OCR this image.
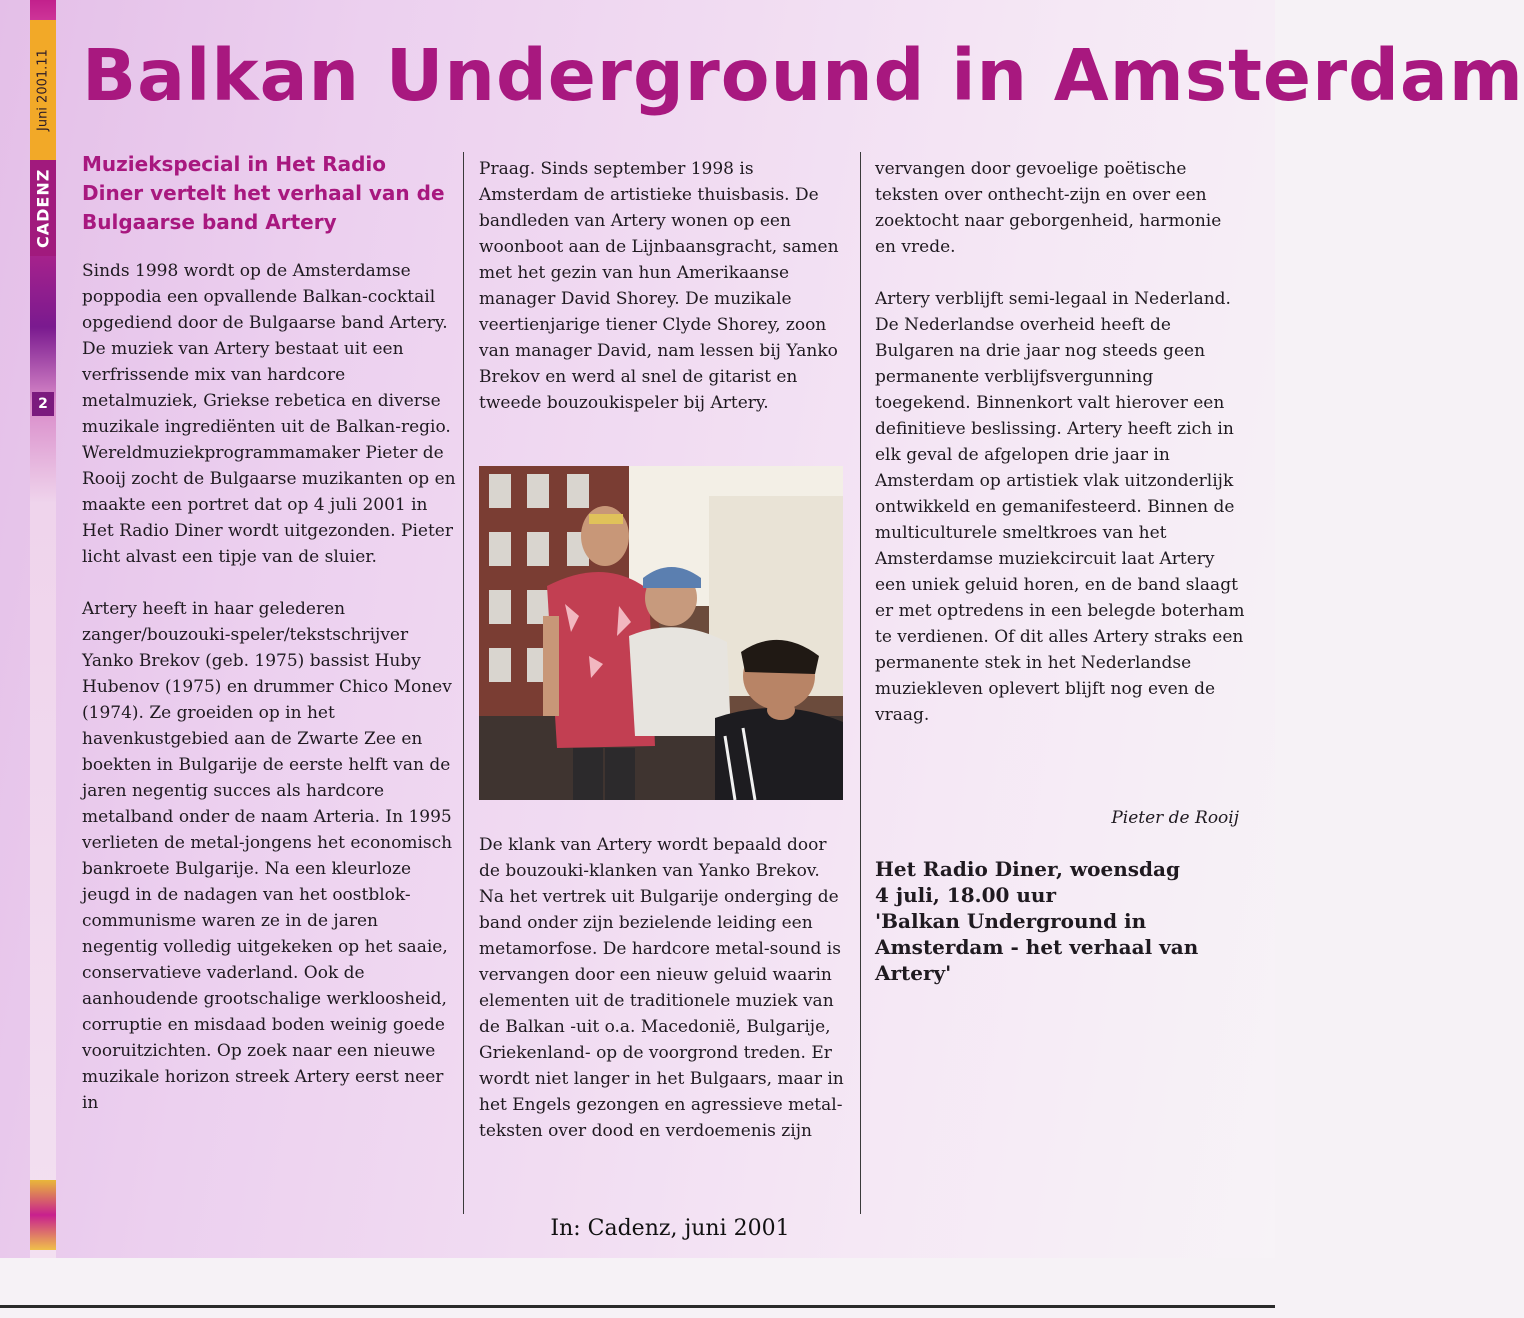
Juni 2001.11
CADENZ
2
Balkan Underground in Amsterdam
Muziekspecial in Het Radio Diner vertelt het verhaal van de Bulgaarse band Artery

Sinds 1998 wordt op de Amsterdamse poppodia een opvallende Balkan-cocktail opgediend door de Bulgaarse band Artery. De muziek van Artery bestaat uit een verfrissende mix van hardcore metalmuziek, Griekse rebetica en diverse muzikale ingrediënten uit de Balkan-regio. Wereldmuziekprogrammamaker Pieter de Rooij zocht de Bulgaarse muzikanten op en maakte een portret dat op 4 juli 2001 in Het Radio Diner wordt uitgezonden. Pieter licht alvast een tipje van de sluier.

Artery heeft in haar gelederen zanger/bouzouki-speler/tekstschrijver Yanko Brekov (geb. 1975) bassist Huby Hubenov (1975) en drummer Chico Monev (1974). Ze groeiden op in het havenkustgebied aan de Zwarte Zee en boekten in Bulgarije de eerste helft van de jaren negentig succes als hardcore metalband onder de naam Arteria. In 1995 verlieten de metal-jongens het economisch bankroete Bulgarije. Na een kleurloze jeugd in de nadagen van het oostblok-communisme waren ze in de jaren negentig volledig uitgekeken op het saaie, conservatieve vaderland. Ook de aanhoudende grootschalige werkloosheid, corruptie en misdaad boden weinig goede vooruitzichten. Op zoek naar een nieuwe muzikale horizon streek Artery eerst neer in

Praag. Sinds september 1998 is Amsterdam de artistieke thuisbasis. De bandleden van Artery wonen op een woonboot aan de Lijnbaansgracht, samen met het gezin van hun Amerikaanse manager David Shorey. De muzikale veertienjarige tiener Clyde Shorey, zoon van manager David, nam lessen bij Yanko Brekov en werd al snel de gitarist en tweede bouzoukispeler bij Artery.

De klank van Artery wordt bepaald door de bouzouki-klanken van Yanko Brekov. Na het vertrek uit Bulgarije onderging de band onder zijn bezielende leiding een metamorfose. De hardcore metal-sound is vervangen door een nieuw geluid waarin elementen uit de traditionele muziek van de Balkan -uit o.a. Macedonië, Bulgarije, Griekenland- op de voorgrond treden. Er wordt niet langer in het Bulgaars, maar in het Engels gezongen en agressieve metal-teksten over dood en verdoemenis zijn

vervangen door gevoelige poëtische teksten over onthecht-zijn en over een zoektocht naar geborgenheid, harmonie en vrede.

Artery verblijft semi-legaal in Nederland. De Nederlandse overheid heeft de Bulgaren na drie jaar nog steeds geen permanente verblijfsvergunning toegekend. Binnenkort valt hierover een definitieve beslissing. Artery heeft zich in elk geval de afgelopen drie jaar in Amsterdam op artistiek vlak uitzonderlijk ontwikkeld en gemanifesteerd. Binnen de multiculturele smeltkroes van het Amsterdamse muziekcircuit laat Artery een uniek geluid horen, en de band slaagt er met optredens in een belegde boterham te verdienen. Of dit alles Artery straks een permanente stek in het Nederlandse muziekleven oplevert blijft nog even de vraag.

Pieter de Rooij
Het Radio Diner, woensdag
4 juli, 18.00 uur
'Balkan Underground in
Amsterdam - het verhaal van
Artery'
In: Cadenz, juni 2001
